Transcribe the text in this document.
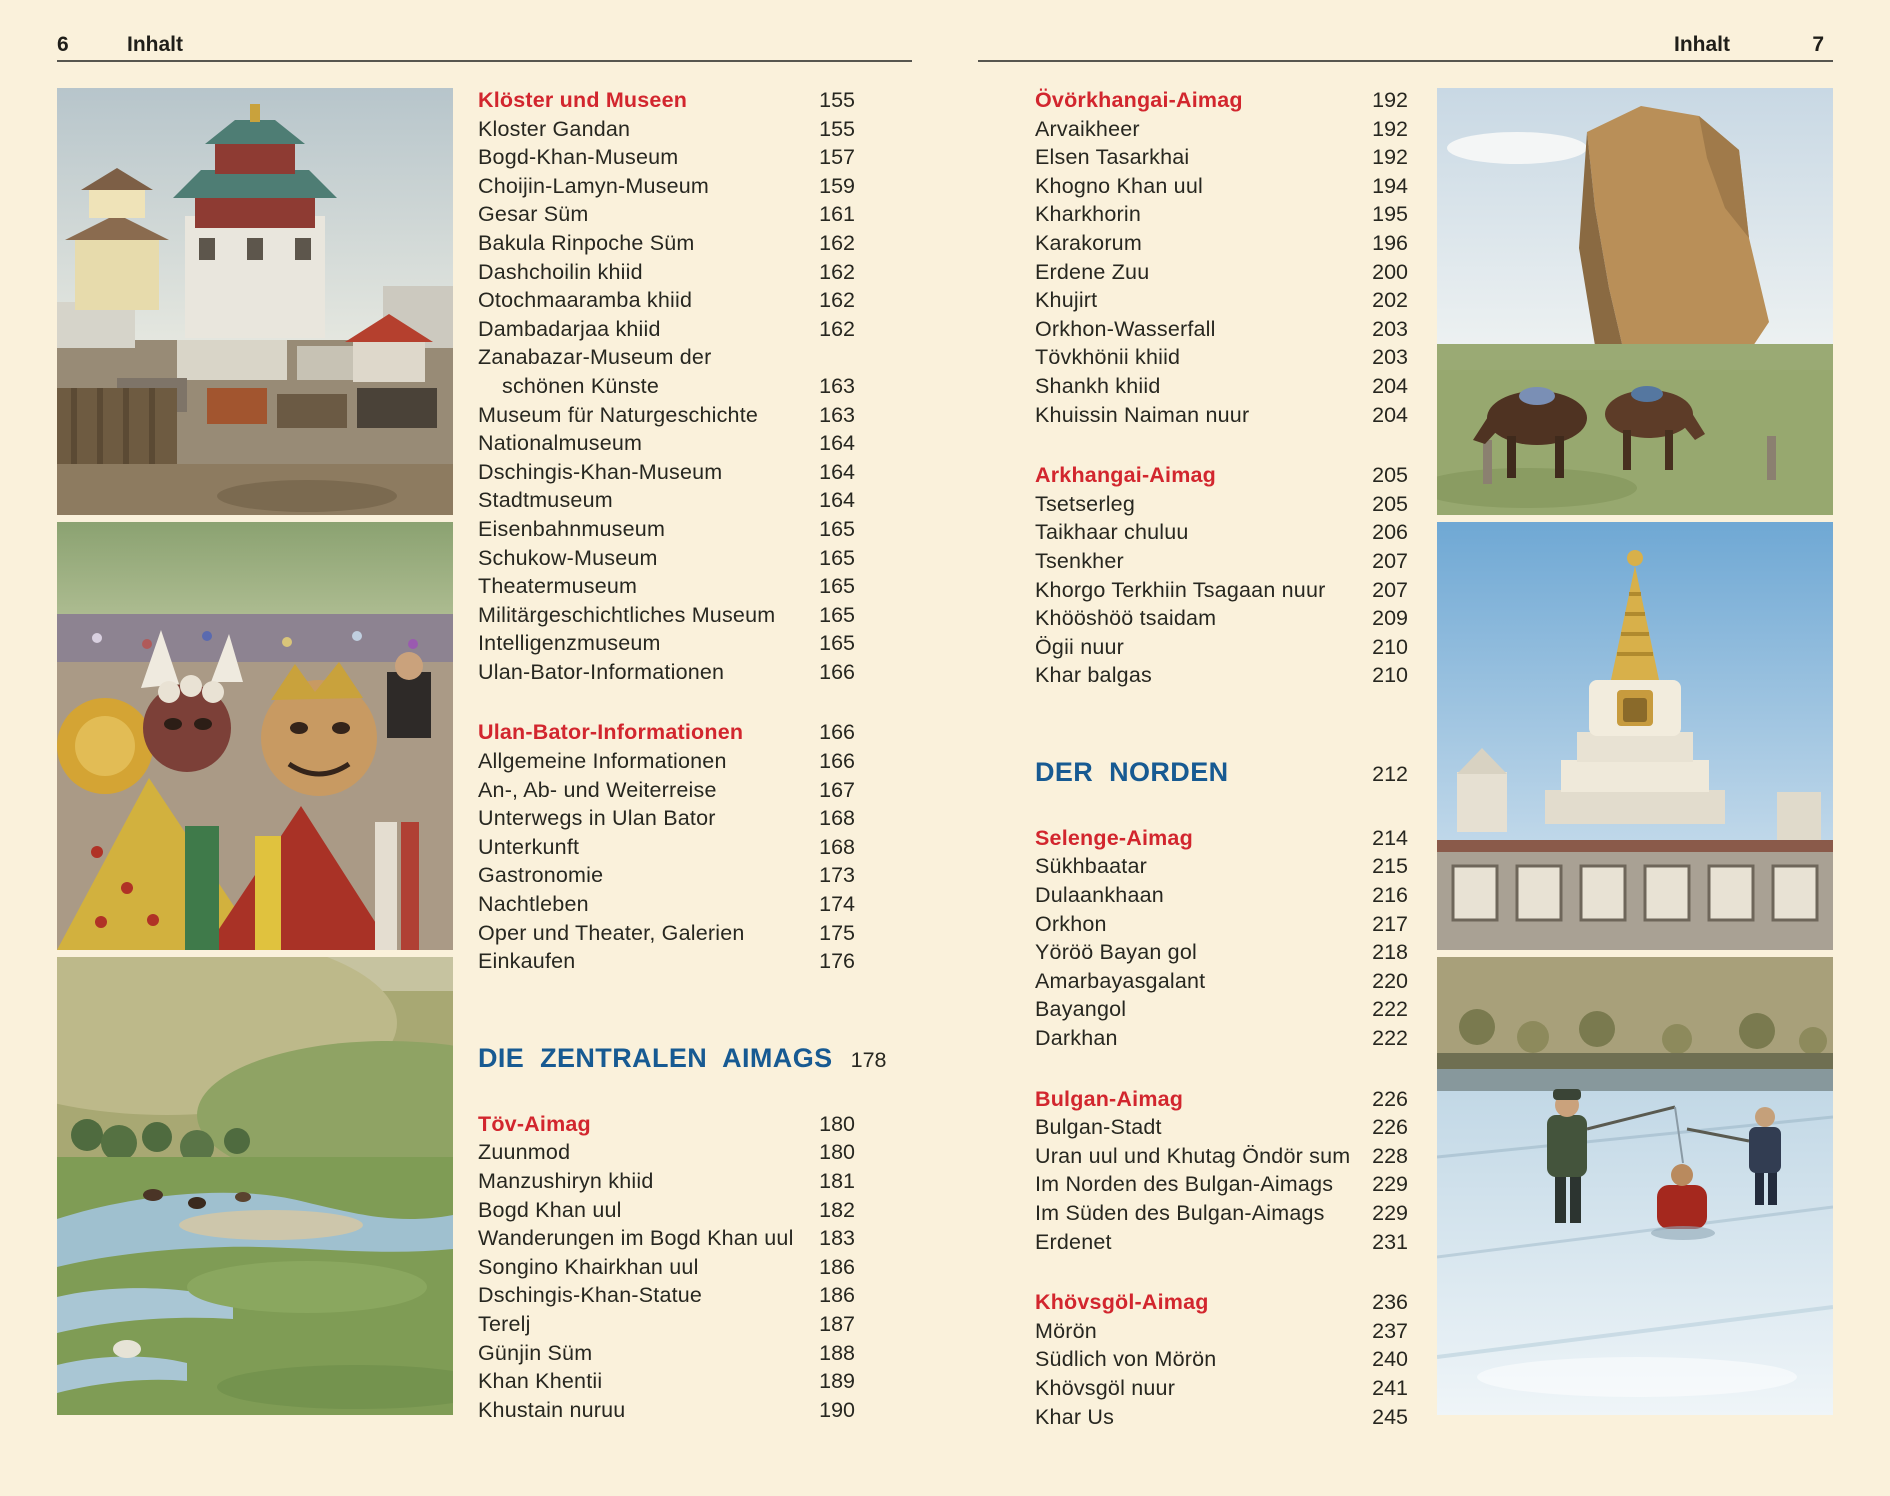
6	Inhalt	Inhalt	7
Klöster und Museen	155
Kloster Gandan	155
Bogd-Khan-Museum	157
Choijin-Lamyn-Museum	159
Gesar Süm	161
Bakula Rinpoche Süm	162
Dashchoilin khiid	162
Otochmaaramba khiid	162
Dambadarjaa khiid	162
Zanabazar-Museum der
schönen Künste	163
Museum für Naturgeschichte	163
Nationalmuseum	164
Dschingis-Khan-Museum	164
Stadtmuseum	164
Eisenbahnmuseum	165
Schukow-Museum	165
Theatermuseum	165
Militärgeschichtliches Museum	165
Intelligenzmuseum	165
Ulan-Bator-Informationen	166
Ulan-Bator-Informationen	166
Allgemeine Informationen	166
An-, Ab- und Weiterreise	167
Unterwegs in Ulan Bator	168
Unterkunft	168
Gastronomie	173
Nachtleben	174
Oper und Theater, Galerien	175
Einkaufen	176
DIE ZENTRALEN AIMAGS 178
Töv-Aimag	180
Zuunmod	180
Manzushiryn khiid	181
Bogd Khan uul	182
Wanderungen im Bogd Khan uul	183
Songino Khairkhan uul	186
Dschingis-Khan-Statue	186
Terelj	187
Günjin Süm	188
Khan Khentii	189
Khustain nuruu	190
Övörkhangai-Aimag	192
Arvaikheer	192
Elsen Tasarkhai	192
Khogno Khan uul	194
Kharkhorin	195
Karakorum	196
Erdene Zuu	200
Khujirt	202
Orkhon-Wasserfall	203
Tövkhönii khiid	203
Shankh khiid	204
Khuissin Naiman nuur	204
Arkhangai-Aimag	205
Tsetserleg	205
Taikhaar chuluu	206
Tsenkher	207
Khorgo Terkhiin Tsagaan nuur	207
Khööshöö tsaidam	209
Ögii nuur	210
Khar balgas	210
DER NORDEN	212
Selenge-Aimag	214
Sükhbaatar	215
Dulaankhaan	216
Orkhon	217
Yöröö Bayan gol	218
Amarbayasgalant	220
Bayangol	222
Darkhan	222
Bulgan-Aimag	226
Bulgan-Stadt	226
Uran uul und Khutag Öndör sum	228
Im Norden des Bulgan-Aimags	229
Im Süden des Bulgan-Aimags	229
Erdenet	231
Khövsgöl-Aimag	236
Mörön	237
Südlich von Mörön	240
Khövsgöl nuur	241
Khar Us	245
